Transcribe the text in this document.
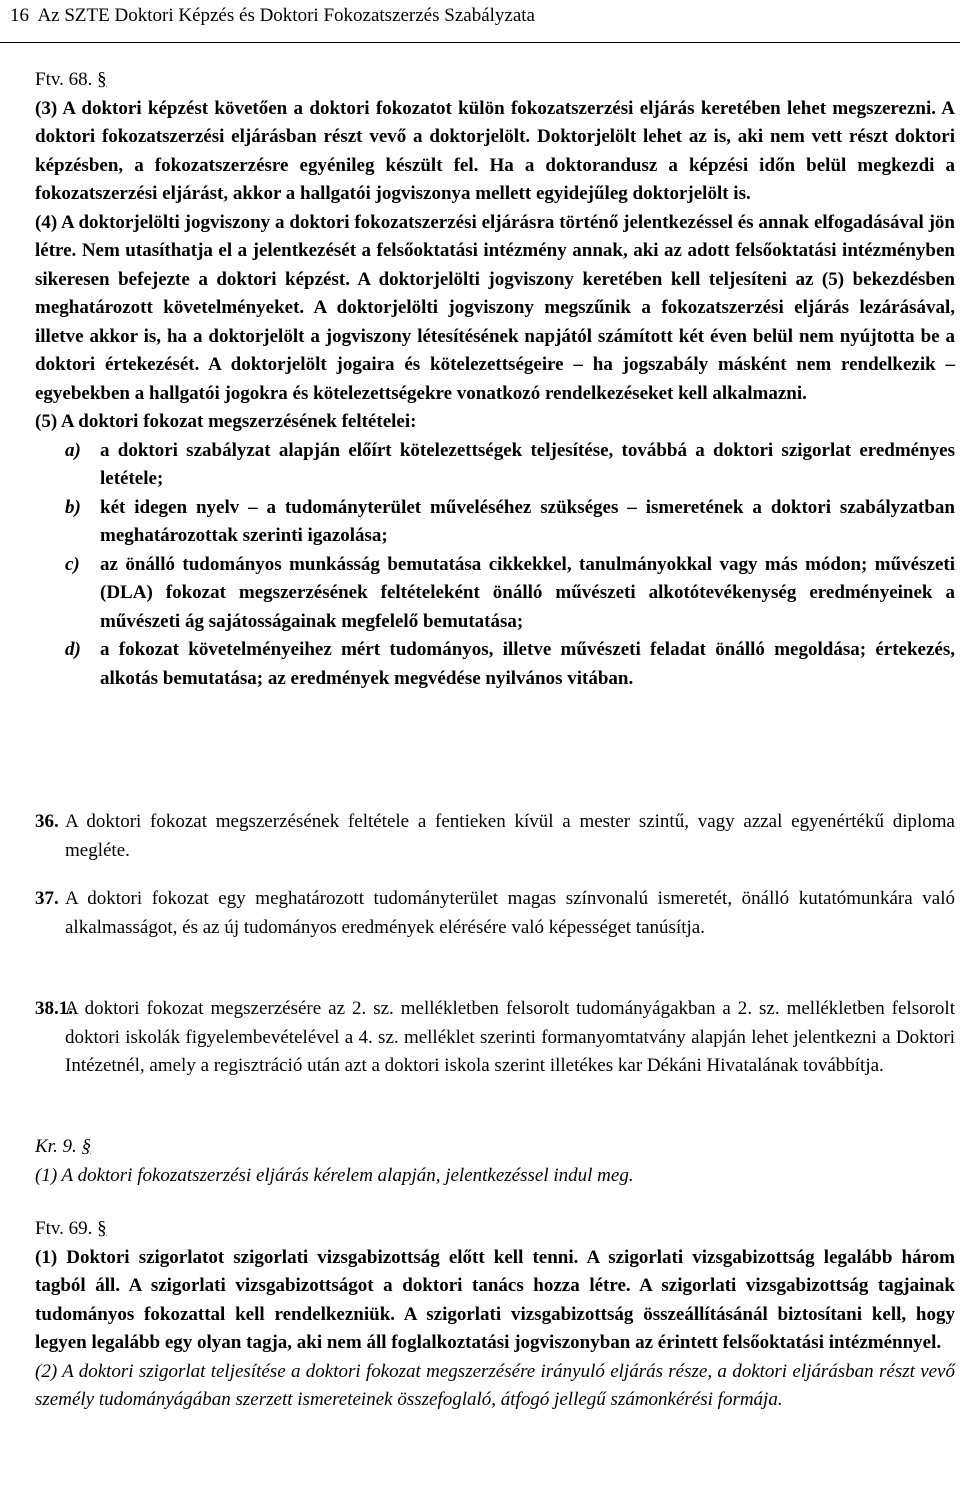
16 Az SZTE Doktori Képzés és Doktori Fokozatszerzés Szabályzata
Ftv. 68. §

(3) A doktori képzést követően a doktori fokozatot külön fokozatszerzési eljárás keretében lehet megszerezni. A doktori fokozatszerzési eljárásban részt vevő a doktorjelölt. Doktorjelölt lehet az is, aki nem vett részt doktori képzésben, a fokozatszerzésre egyénileg készült fel. Ha a doktorandusz a képzési időn belül megkezdi a fokozatszerzési eljárást, akkor a hallgatói jogviszonya mellett egyidejűleg doktorjelölt is.

(4) A doktorjelölti jogviszony a doktori fokozatszerzési eljárásra történő jelentkezéssel és annak elfogadásával jön létre. Nem utasíthatja el a jelentkezését a felsőoktatási intézmény annak, aki az adott felsőoktatási intézményben sikeresen befejezte a doktori képzést. A doktorjelölti jogviszony keretében kell teljesíteni az (5) bekezdésben meghatározott követelményeket. A doktorjelölti jogviszony megszűnik a fokozatszerzési eljárás lezárásával, illetve akkor is, ha a doktorjelölt a jogviszony létesítésének napjától számított két éven belül nem nyújtotta be a doktori értekezését. A doktorjelölt jogaira és kötelezettségeire – ha jogszabály másként nem rendelkezik – egyebekben a hallgatói jogokra és kötelezettségekre vonatkozó rendelkezéseket kell alkalmazni.

(5) A doktori fokozat megszerzésének feltételei:

a) a doktori szabályzat alapján előírt kötelezettségek teljesítése, továbbá a doktori szigorlat eredményes letétele;

b) két idegen nyelv – a tudományterület műveléséhez szükséges – ismeretének a doktori szabályzatban meghatározottak szerinti igazolása;

c) az önálló tudományos munkásság bemutatása cikkekkel, tanulmányokkal vagy más módon; művészeti (DLA) fokozat megszerzésének feltételeként önálló művészeti alkotótevékenység eredményeinek a művészeti ág sajátosságainak megfelelő bemutatása;

d) a fokozat követelményeihez mért tudományos, illetve művészeti feladat önálló megoldása; értekezés, alkotás bemutatása; az eredmények megvédése nyilvános vitában.

36. A doktori fokozat megszerzésének feltétele a fentieken kívül a mester szintű, vagy azzal egyenértékű diploma megléte.

37. A doktori fokozat egy meghatározott tudományterület magas színvonalú ismeretét, önálló kutatómunkára való alkalmasságot, és az új tudományos eredmények elérésére való képességet tanúsítja.

38.1.

A doktori fokozat megszerzésére az 2. sz. mellékletben felsorolt tudományágakban a 2. sz. mellékletben felsorolt doktori iskolák figyelembevételével a 4. sz. melléklet szerinti formanyomtatvány alapján lehet jelentkezni a Doktori Intézetnél, amely a regisztráció után azt a doktori iskola szerint illetékes kar Dékáni Hivatalának továbbítja.

Kr. 9. §

(1) A doktori fokozatszerzési eljárás kérelem alapján, jelentkezéssel indul meg.

Ftv. 69. §

(1) Doktori szigorlatot szigorlati vizsgabizottság előtt kell tenni. A szigorlati vizsgabizottság legalább három tagból áll. A szigorlati vizsgabizottságot a doktori tanács hozza létre. A szigorlati vizsgabizottság tagjainak tudományos fokozattal kell rendelkezniük. A szigorlati vizsgabizottság összeállításánál biztosítani kell, hogy legyen legalább egy olyan tagja, aki nem áll foglalkoztatási jogviszonyban az érintett felsőoktatási intézménnyel.

(2) A doktori szigorlat teljesítése a doktori fokozat megszerzésére irányuló eljárás része, a doktori eljárásban részt vevő személy tudományágában szerzett ismereteinek összefoglaló, átfogó jellegű számonkérési formája.
